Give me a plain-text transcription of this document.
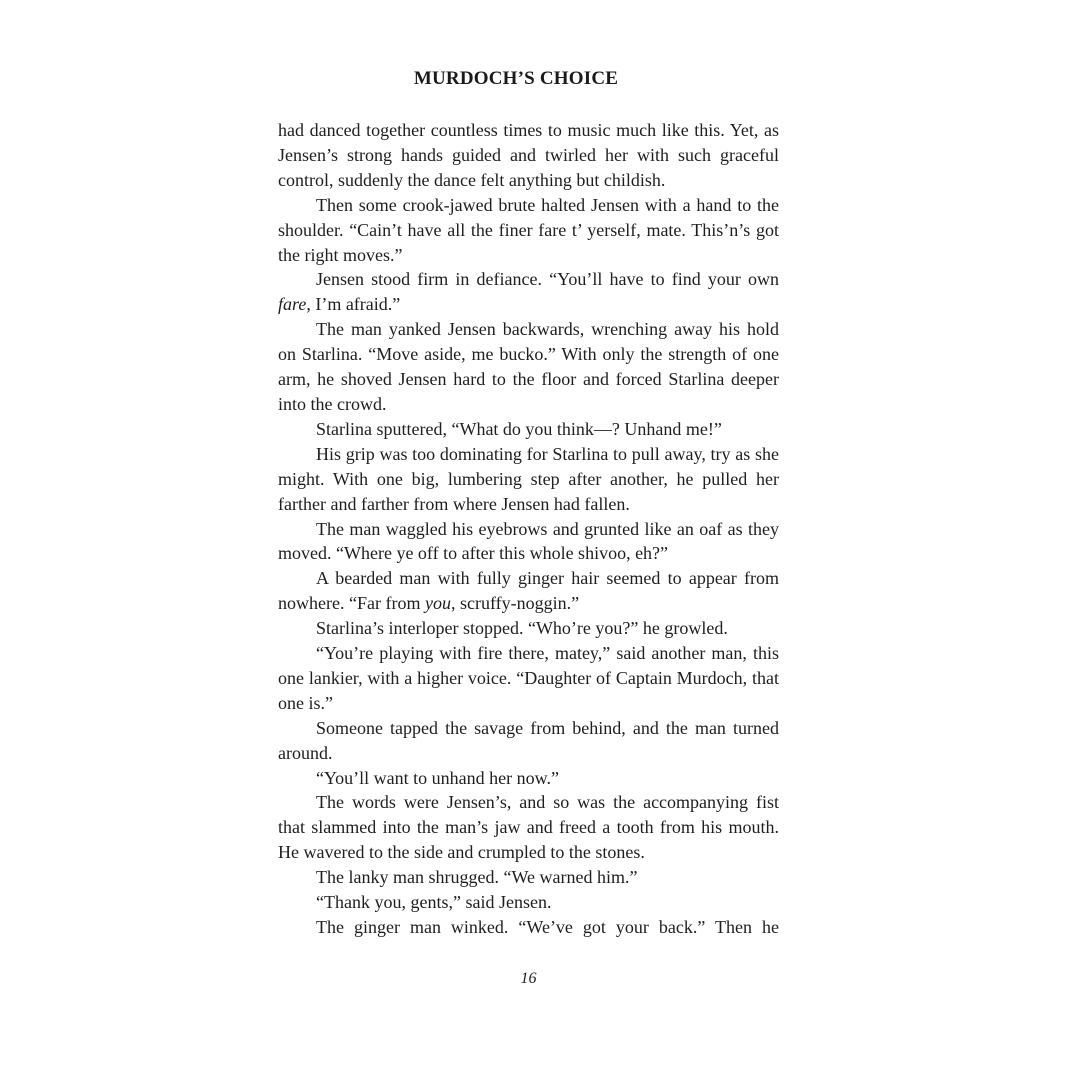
MURDOCH’S CHOICE

had danced together countless times to music much like this. Yet, as Jensen’s strong hands guided and twirled her with such graceful control, suddenly the dance felt anything but childish.

Then some crook-jawed brute halted Jensen with a hand to the shoulder. “Cain’t have all the finer fare t’ yerself, mate. This’n’s got the right moves.”

Jensen stood firm in defiance. “You’ll have to find your own fare, I’m afraid.”

The man yanked Jensen backwards, wrenching away his hold on Starlina. “Move aside, me bucko.” With only the strength of one arm, he shoved Jensen hard to the floor and forced Starlina deeper into the crowd.

Starlina sputtered, “What do you think—? Unhand me!”

His grip was too dominating for Starlina to pull away, try as she might. With one big, lumbering step after another, he pulled her farther and farther from where Jensen had fallen.

The man waggled his eyebrows and grunted like an oaf as they moved. “Where ye off to after this whole shivoo, eh?”

A bearded man with fully ginger hair seemed to appear from nowhere. “Far from you, scruffy-noggin.”

Starlina’s interloper stopped. “Who’re you?” he growled.

“You’re playing with fire there, matey,” said another man, this one lankier, with a higher voice. “Daughter of Captain Murdoch, that one is.”

Someone tapped the savage from behind, and the man turned around.

“You’ll want to unhand her now.”

The words were Jensen’s, and so was the accompanying fist that slammed into the man’s jaw and freed a tooth from his mouth. He wavered to the side and crumpled to the stones.

The lanky man shrugged. “We warned him.”

“Thank you, gents,” said Jensen.

The ginger man winked. “We’ve got your back.” Then he

16
